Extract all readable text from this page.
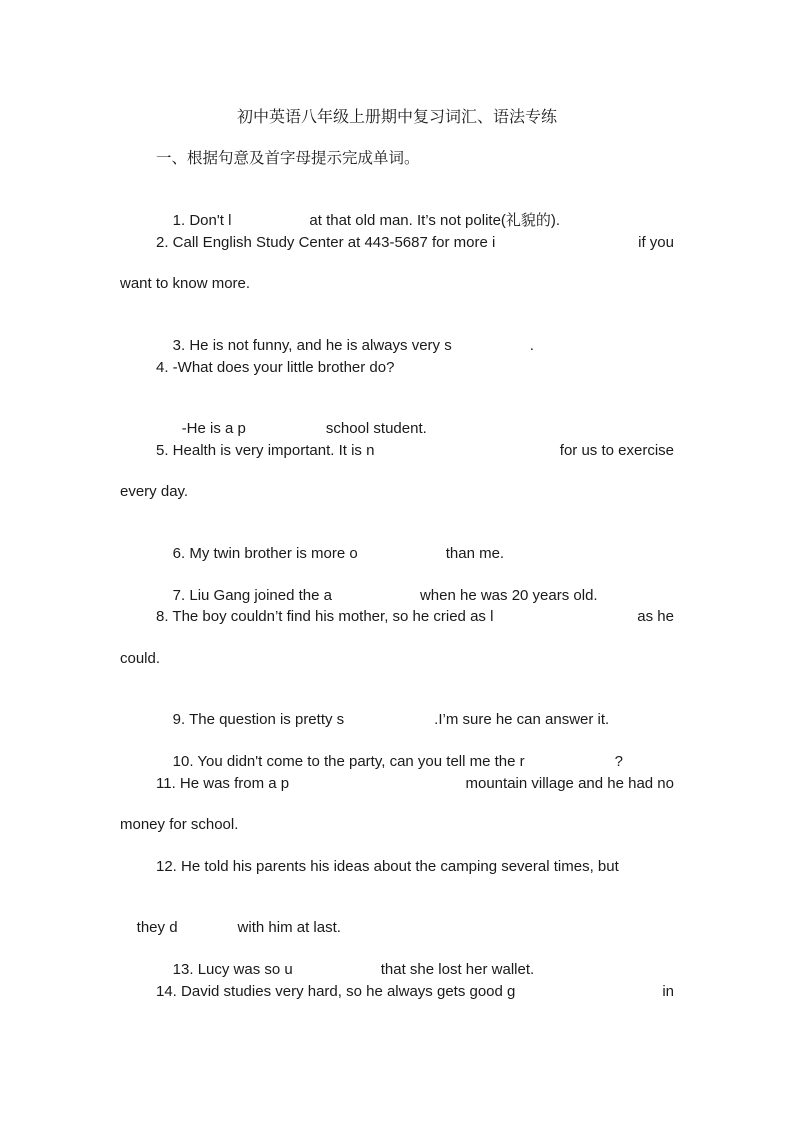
初中英语八年级上册期中复习词汇、语法专练
一、根据句意及首字母提示完成单词。

1. Don't l	at that old man. It’s not polite(礼貌的).

2. Call English Study Center at 443-5687 for more i	if you
want to know more.

3. He is not funny, and he is always very s	.

4. -What does your little brother do?

-He is a p	school student.

5. Health is very important. It is n	for us to exercise
every day.

6. My twin brother is more o	than me.

7. Liu Gang joined the a	when he was 20 years old.

8. The boy couldn’t find his mother, so he cried as l	as he
could.

9. The question is pretty s	.I’m sure he can answer it.

10. You didn't come to the party, can you tell me the r	?

11. He was from a p	mountain village and he had no
money for school.
12. He told his parents his ideas about the camping several times, but

they d	with him at last.

13. Lucy was so u	that she lost her wallet.

14. David studies very hard, so he always gets good g	in
